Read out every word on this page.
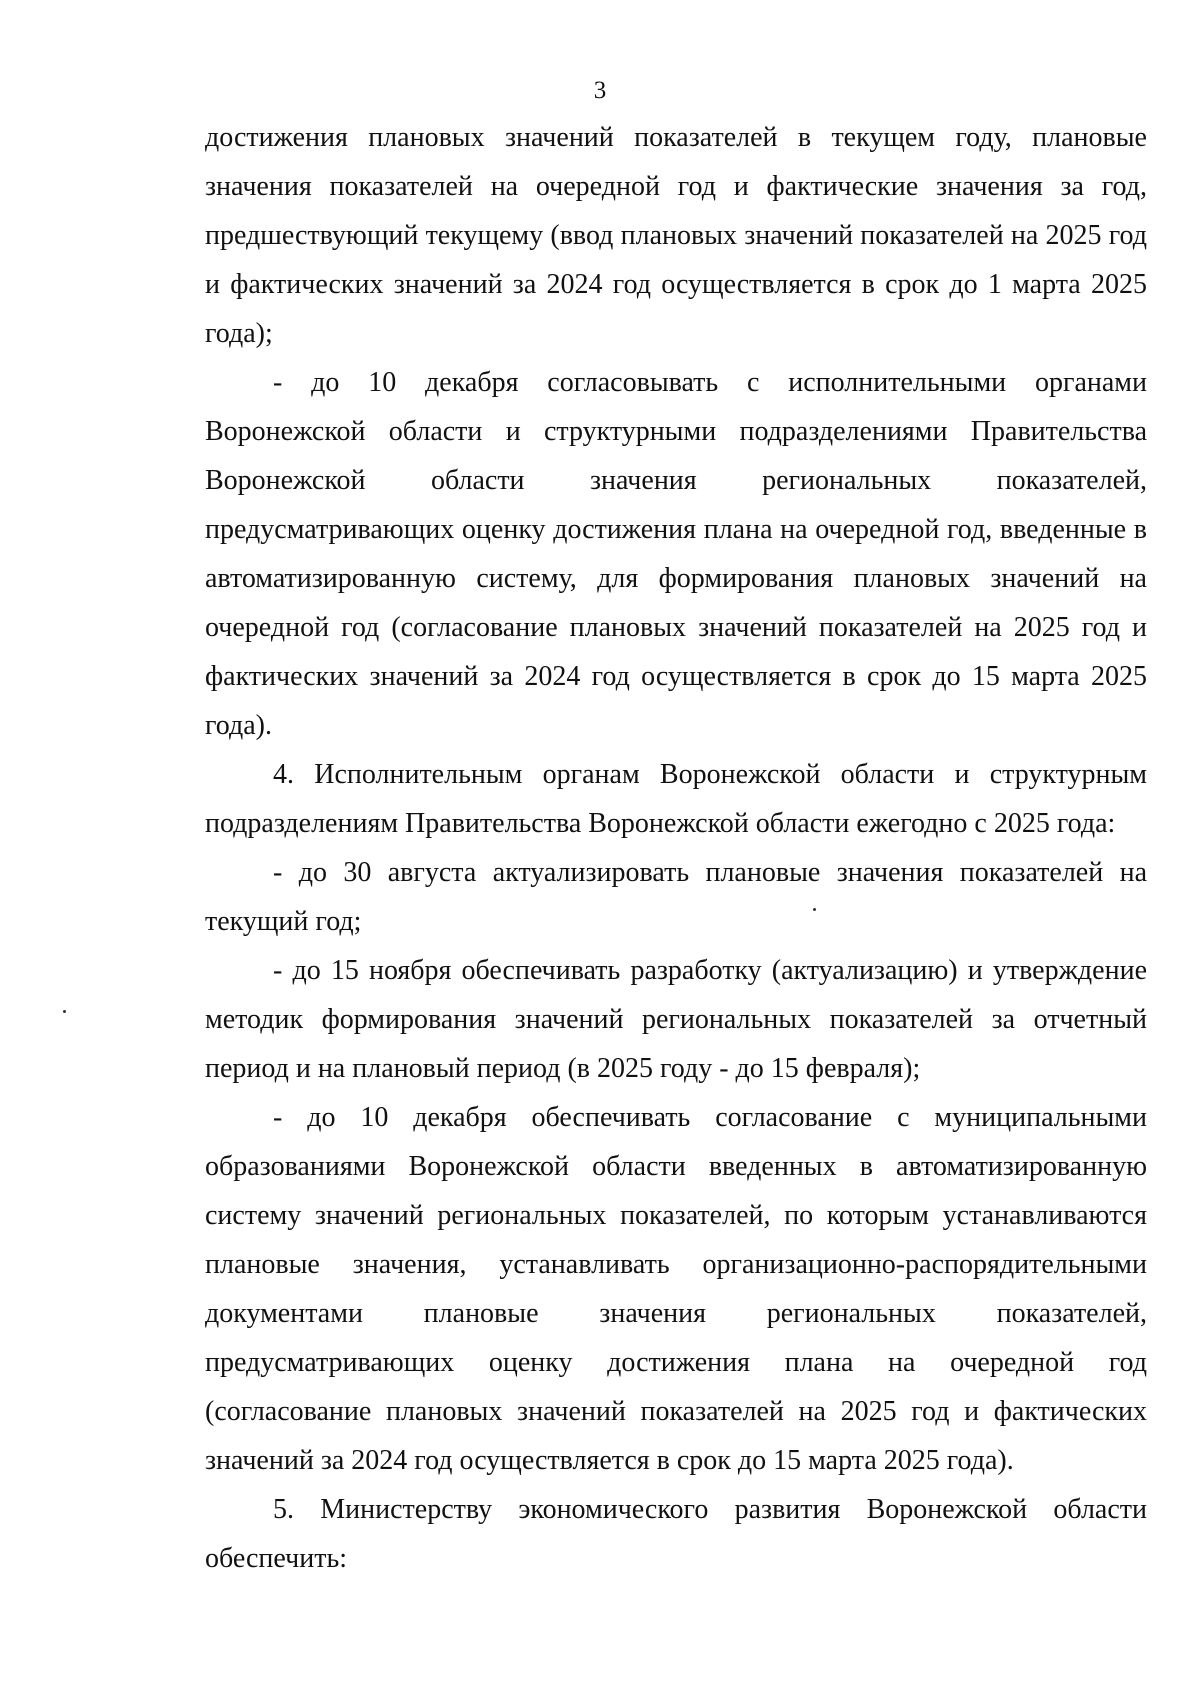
3

достижения плановых значений показателей в текущем году, плановые значения показателей на очередной год и фактические значения за год, предшествующий текущему (ввод плановых значений показателей на 2025 год и фактических значений за 2024 год осуществляется в срок до 1 марта 2025 года);

- до 10 декабря согласовывать с исполнительными органами Воронежской области и структурными подразделениями Правительства Воронежской области значения региональных показателей, предусматривающих оценку достижения плана на очередной год, введенные в автоматизированную систему, для формирования плановых значений на очередной год (согласование плановых значений показателей на 2025 год и фактических значений за 2024 год осуществляется в срок до 15 марта 2025 года).

4. Исполнительным органам Воронежской области и структурным подразделениям Правительства Воронежской области ежегодно с 2025 года:

- до 30 августа актуализировать плановые значения показателей на текущий год;

- до 15 ноября обеспечивать разработку (актуализацию) и утверждение методик формирования значений региональных показателей за отчетный период и на плановый период (в 2025 году - до 15 февраля);

- до 10 декабря обеспечивать согласование с муниципальными образованиями Воронежской области введенных в автоматизированную систему значений региональных показателей, по которым устанавливаются плановые значения, устанавливать организационно-распорядительными документами плановые значения региональных показателей, предусматривающих оценку достижения плана на очередной год (согласование плановых значений показателей на 2025 год и фактических значений за 2024 год осуществляется в срок до 15 марта 2025 года).

5. Министерству экономического развития Воронежской области обеспечить:
